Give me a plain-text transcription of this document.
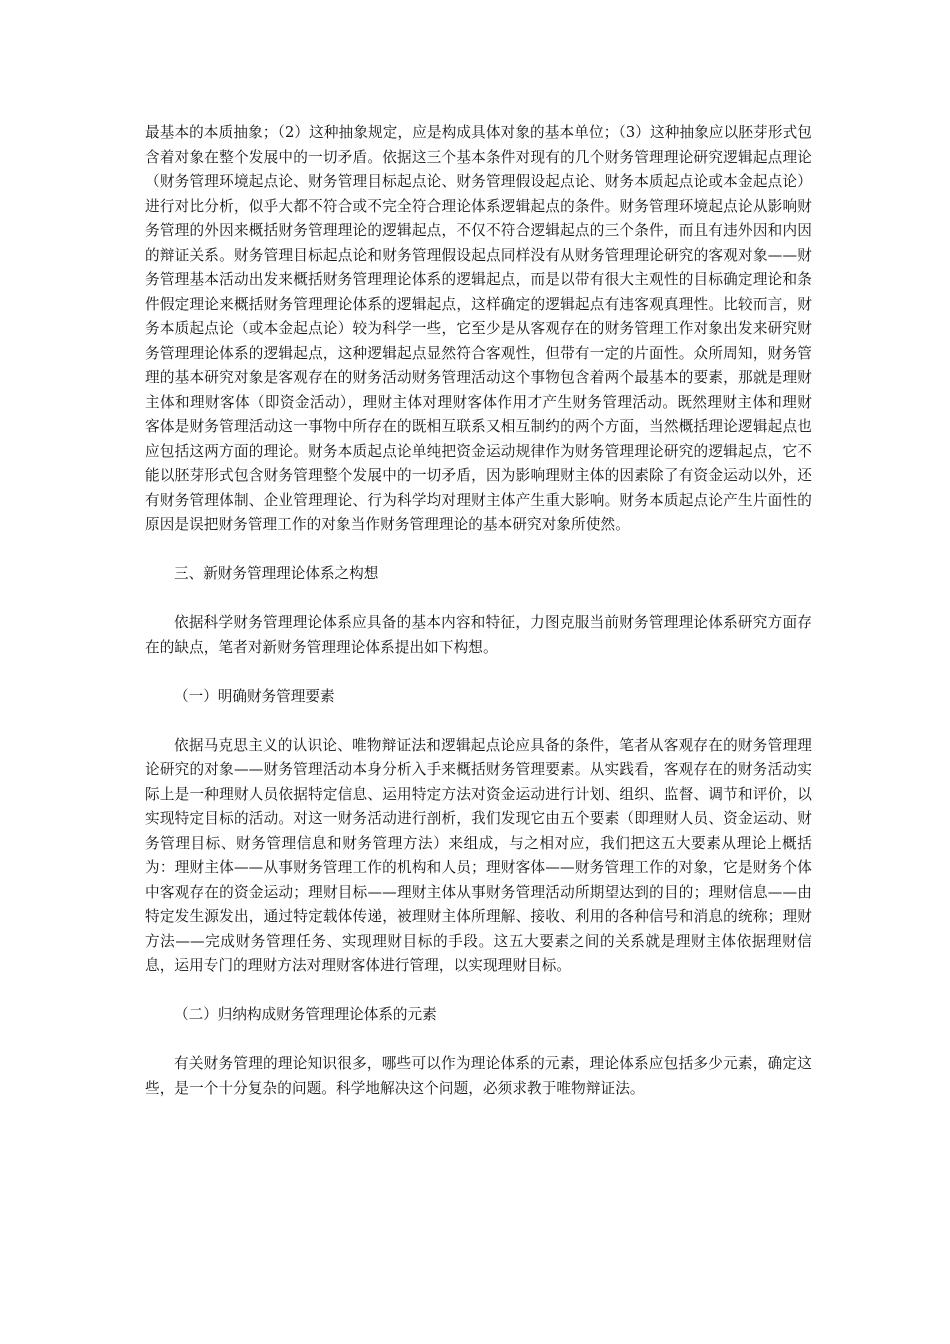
最基本的本质抽象；（2）这种抽象规定，应是构成具体对象的基本单位；（3）这种抽象应以胚芽形式包含着对象在整个发展中的一切矛盾。依据这三个基本条件对现有的几个财务管理理论研究逻辑起点理论（财务管理环境起点论、财务管理目标起点论、财务管理假设起点论、财务本质起点论或本金起点论）进行对比分析，似乎大都不符合或不完全符合理论体系逻辑起点的条件。财务管理环境起点论从影响财务管理的外因来概括财务管理理论的逻辑起点，不仅不符合逻辑起点的三个条件，而且有违外因和内因的辩证关系。财务管理目标起点论和财务管理假设起点同样没有从财务管理理论研究的客观对象——财务管理基本活动出发来概括财务管理理论体系的逻辑起点，而是以带有很大主观性的目标确定理论和条件假定理论来概括财务管理理论体系的逻辑起点，这样确定的逻辑起点有违客观真理性。比较而言，财务本质起点论（或本金起点论）较为科学一些，它至少是从客观存在的财务管理工作对象出发来研究财务管理理论体系的逻辑起点，这种逻辑起点显然符合客观性，但带有一定的片面性。众所周知，财务管理的基本研究对象是客观存在的财务活动财务管理活动这个事物包含着两个最基本的要素，那就是理财主体和理财客体（即资金活动），理财主体对理财客体作用才产生财务管理活动。既然理财主体和理财客体是财务管理活动这一事物中所存在的既相互联系又相互制约的两个方面，当然概括理论逻辑起点也应包括这两方面的理论。财务本质起点论单纯把资金运动规律作为财务管理理论研究的逻辑起点，它不能以胚芽形式包含财务管理整个发展中的一切矛盾，因为影响理财主体的因素除了有资金运动以外，还有财务管理体制、企业管理理论、行为科学均对理财主体产生重大影响。财务本质起点论产生片面性的原因是误把财务管理工作的对象当作财务管理理论的基本研究对象所使然。

三、新财务管理理论体系之构想

依据科学财务管理理论体系应具备的基本内容和特征，力图克服当前财务管理理论体系研究方面存在的缺点，笔者对新财务管理理论体系提出如下构想。

（一）明确财务管理要素

依据马克思主义的认识论、唯物辩证法和逻辑起点论应具备的条件，笔者从客观存在的财务管理理论研究的对象——财务管理活动本身分析入手来概括财务管理要素。从实践看，客观存在的财务活动实际上是一种理财人员依据特定信息、运用特定方法对资金运动进行计划、组织、监督、调节和评价，以实现特定目标的活动。对这一财务活动进行剖析，我们发现它由五个要素（即理财人员、资金运动、财务管理目标、财务管理信息和财务管理方法）来组成，与之相对应，我们把这五大要素从理论上概括为：理财主体——从事财务管理工作的机构和人员；理财客体——财务管理工作的对象，它是财务个体中客观存在的资金运动；理财目标——理财主体从事财务管理活动所期望达到的目的；理财信息——由特定发生源发出，通过特定载体传递，被理财主体所理解、接收、利用的各种信号和消息的统称；理财方法——完成财务管理任务、实现理财目标的手段。这五大要素之间的关系就是理财主体依据理财信息，运用专门的理财方法对理财客体进行管理，以实现理财目标。

（二）归纳构成财务管理理论体系的元素

有关财务管理的理论知识很多，哪些可以作为理论体系的元素，理论体系应包括多少元素，确定这些，是一个十分复杂的问题。科学地解决这个问题，必须求教于唯物辩证法。
